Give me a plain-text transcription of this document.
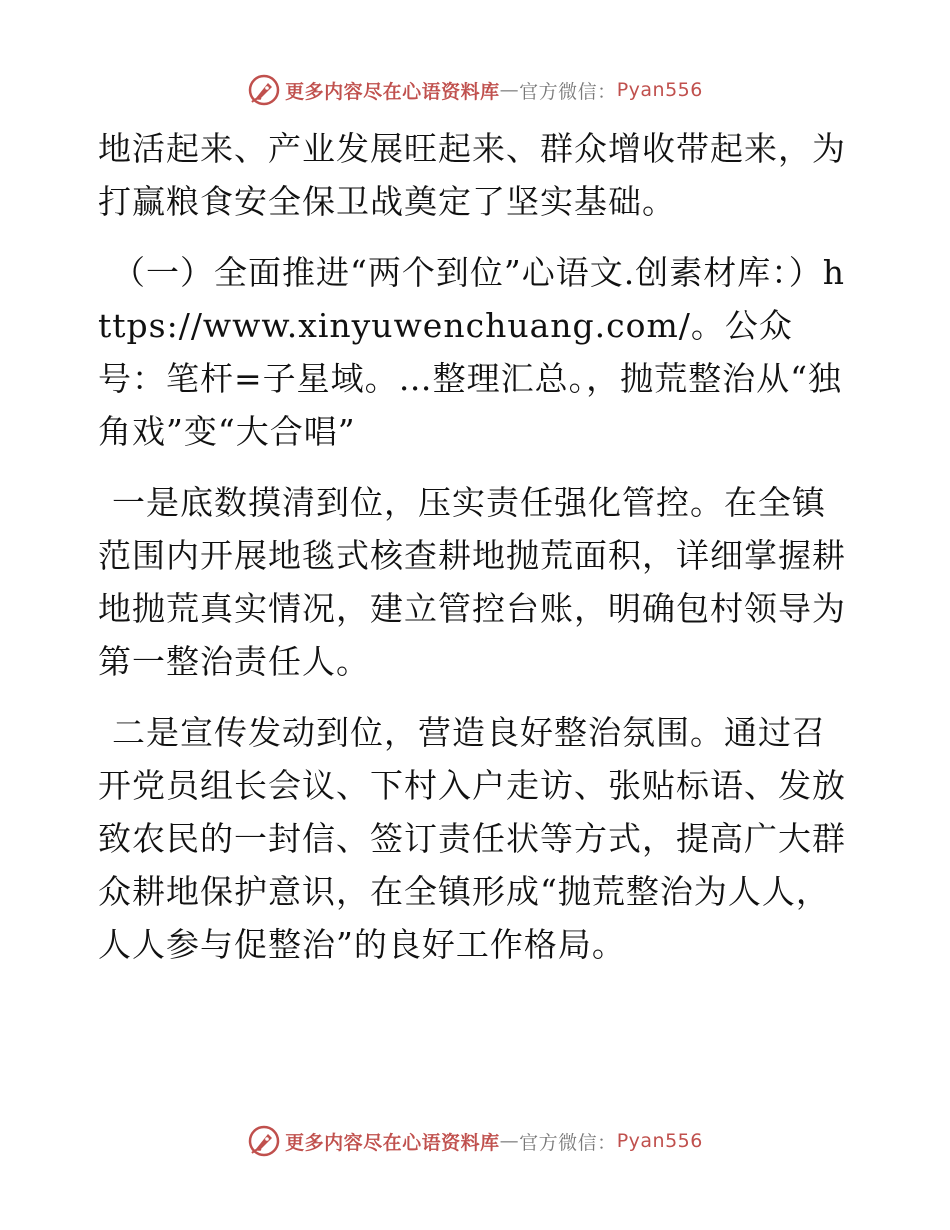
更多内容尽在心语资料库 — 官方微信： Pyan556

地活起来、产业发展旺起来、群众增收带起来，为打赢粮食安全保卫战奠定了坚实基础。

（一）全面推进“两个到位”心语文.创素材库：）https://www.xinyuwenchuang.com/。公众号：笔杆=子星域。…整理汇总。，抛荒整治从“独角戏”变“大合唱”

一是底数摸清到位，压实责任强化管控。在全镇范围内开展地毯式核查耕地抛荒面积，详细掌握耕地抛荒真实情况，建立管控台账，明确包村领导为第一整治责任人。

二是宣传发动到位，营造良好整治氛围。通过召开党员组长会议、下村入户走访、张贴标语、发放致农民的一封信、签订责任状等方式，提高广大群众耕地保护意识，在全镇形成“抛荒整治为人人，人人参与促整治”的良好工作格局。

更多内容尽在心语资料库 — 官方微信： Pyan556
